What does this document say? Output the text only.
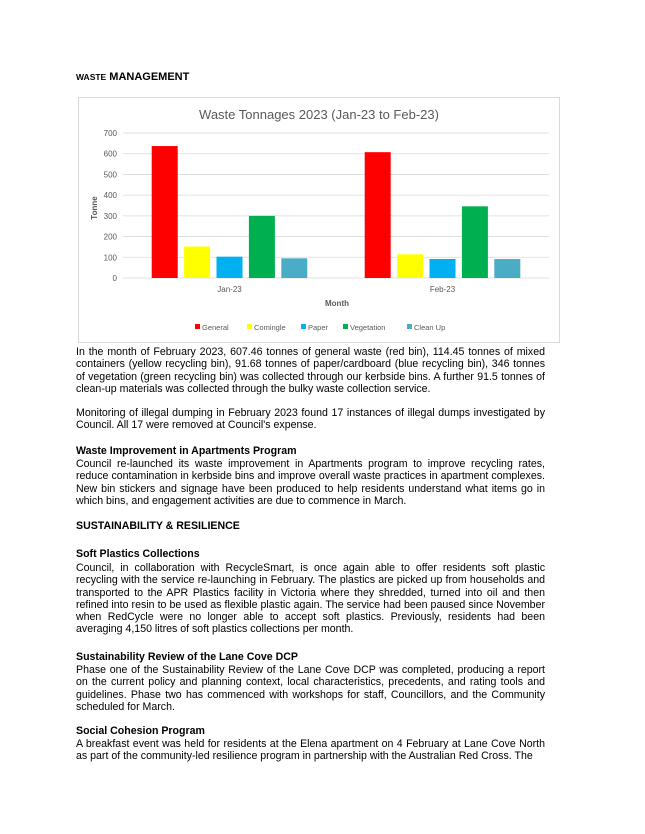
WASTE MANAGEMENT
Waste Tonnages 2023 (Jan-23 to Feb-23)
0
100
200
300
400
500
600
700
Jan-23	Feb-23
Tonne
Month
General	Comingle	Paper	Vegetation	Clean Up

In the month of February 2023, 607.46 tonnes of general waste (red bin), 114.45 tonnes of mixed containers (yellow recycling bin), 91.68 tonnes of paper/cardboard (blue recycling bin), 346 tonnes of vegetation (green recycling bin) was collected through our kerbside bins. A further 91.5 tonnes of clean-up materials was collected through the bulky waste collection service.

Monitoring of illegal dumping in February 2023 found 17 instances of illegal dumps investigated by Council. All 17 were removed at Council's expense.

Waste Improvement in Apartments Program

Council re-launched its waste improvement in Apartments program to improve recycling rates, reduce contamination in kerbside bins and improve overall waste practices in apartment complexes. New bin stickers and signage have been produced to help residents understand what items go in which bins, and engagement activities are due to commence in March.

SUSTAINABILITY & RESILIENCE

Soft Plastics Collections

Council, in collaboration with RecycleSmart, is once again able to offer residents soft plastic recycling with the service re-launching in February. The plastics are picked up from households and transported to the APR Plastics facility in Victoria where they shredded, turned into oil and then refined into resin to be used as flexible plastic again. The service had been paused since November when RedCycle were no longer able to accept soft plastics. Previously, residents had been averaging 4,150 litres of soft plastics collections per month.

Sustainability Review of the Lane Cove DCP

Phase one of the Sustainability Review of the Lane Cove DCP was completed, producing a report on the current policy and planning context, local characteristics, precedents, and rating tools and guidelines. Phase two has commenced with workshops for staff, Councillors, and the Community scheduled for March.

Social Cohesion Program

A breakfast event was held for residents at the Elena apartment on 4 February at Lane Cove North as part of the community-led resilience program in partnership with the Australian Red Cross. The
